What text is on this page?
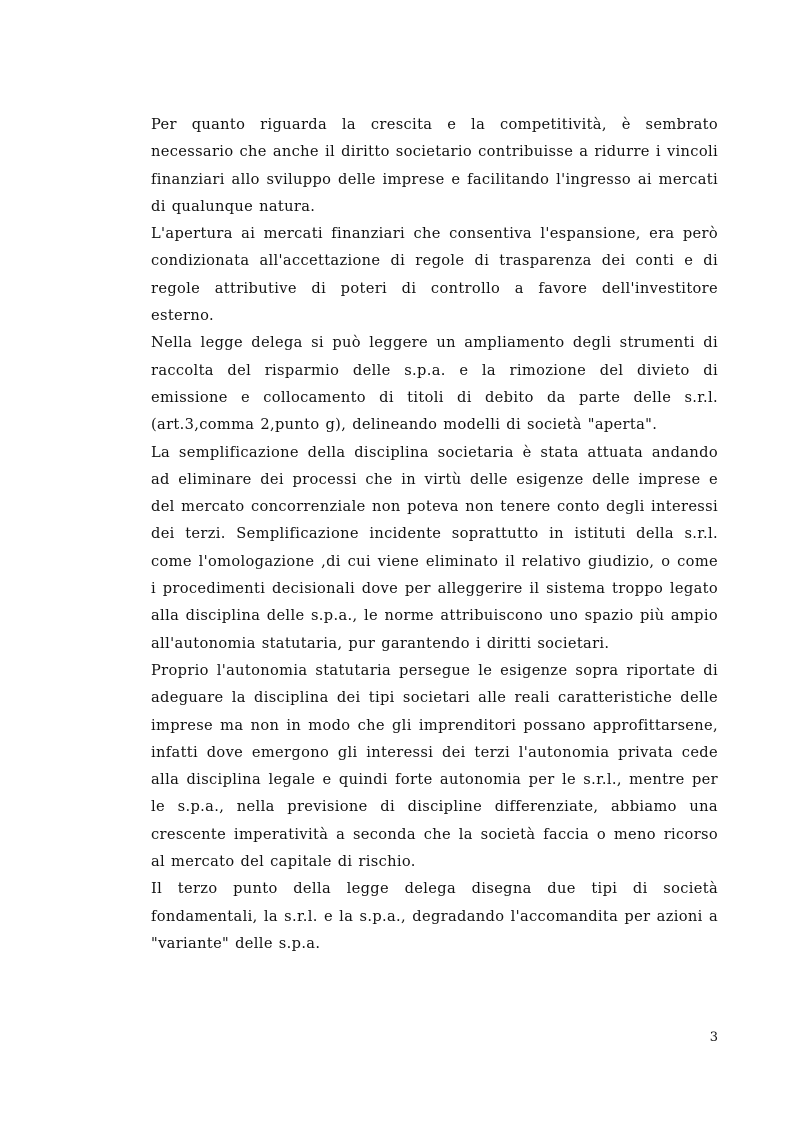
Per quanto riguarda la crescita e la competitività, è sembrato necessario che anche il diritto societario contribuisse a ridurre i vincoli finanziari allo sviluppo delle imprese e facilitando l'ingresso ai mercati di qualunque natura.

L'apertura ai mercati finanziari che consentiva l'espansione, era però condizionata all'accettazione di regole di trasparenza dei conti e di regole attributive di poteri di controllo a favore dell'investitore esterno.

Nella legge delega si può leggere un ampliamento degli strumenti di raccolta del risparmio delle s.p.a. e la rimozione del divieto di emissione e collocamento di titoli di debito da parte delle s.r.l.(art.3,comma 2,punto g), delineando modelli di società "aperta".

La semplificazione della disciplina societaria è stata attuata andando ad eliminare dei processi che in virtù delle esigenze delle imprese e del mercato concorrenziale non poteva non tenere conto degli interessi dei terzi. Semplificazione incidente soprattutto in istituti della s.r.l. come l'omologazione ,di cui viene eliminato il relativo giudizio, o come i procedimenti decisionali dove per alleggerire il sistema troppo legato alla disciplina delle s.p.a., le norme attribuiscono uno spazio più ampio all'autonomia statutaria, pur garantendo i diritti societari.

Proprio l'autonomia statutaria persegue le esigenze sopra riportate di adeguare la disciplina dei tipi societari alle reali caratteristiche delle imprese ma non in modo che gli imprenditori possano approfittarsene, infatti dove emergono gli interessi dei terzi l'autonomia privata cede alla disciplina legale e quindi forte autonomia per le s.r.l., mentre per le s.p.a., nella previsione di discipline differenziate, abbiamo una crescente imperatività a seconda che la società faccia o meno ricorso al mercato del capitale di rischio.

Il terzo punto della legge delega disegna due tipi di società fondamentali, la s.r.l. e la s.p.a., degradando l'accomandita per azioni a "variante" delle s.p.a.

3
